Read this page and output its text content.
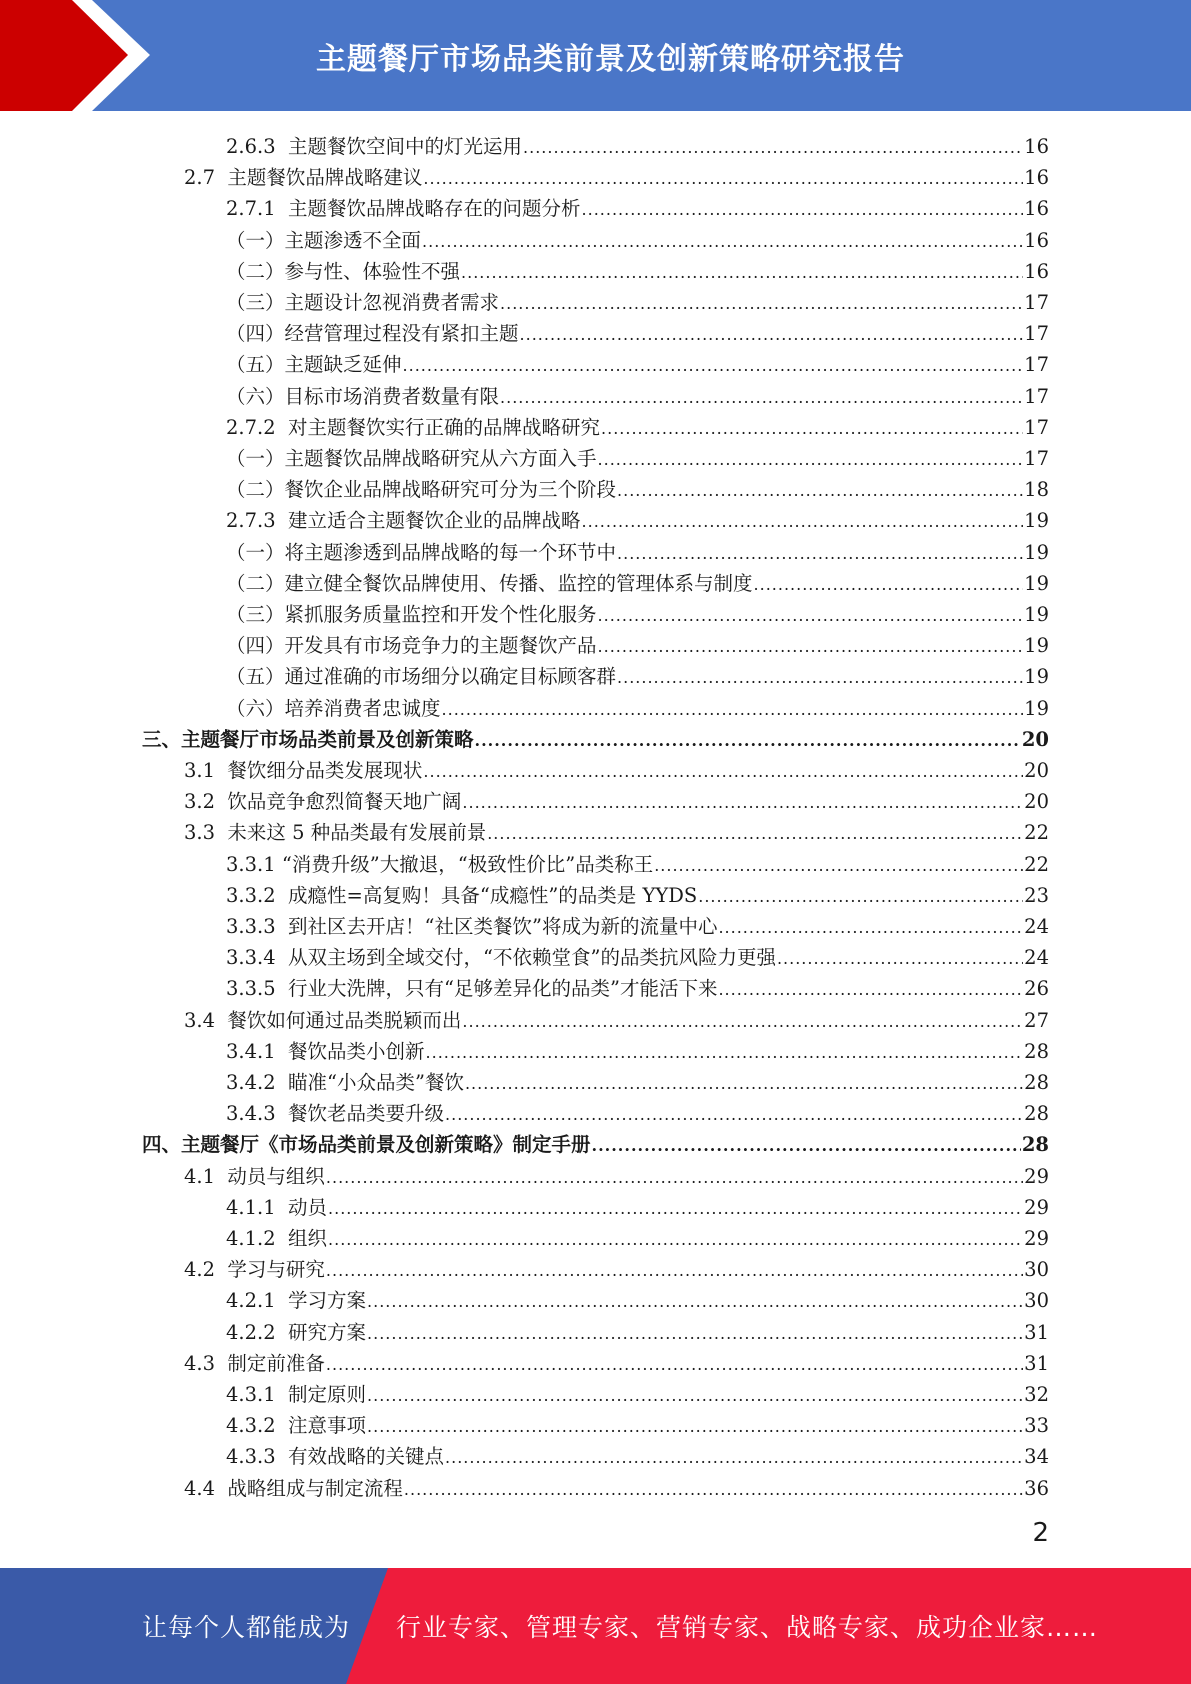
主题餐厅市场品类前景及创新策略研究报告
2.6.3  主题餐饮空间中的灯光运用 .....	16
2.7  主题餐饮品牌战略建议 .....	16
2.7.1  主题餐饮品牌战略存在的问题分析 .....	16
（一）主题渗透不全面 .....	16
（二）参与性、体验性不强 .....	16
（三）主题设计忽视消费者需求 .....	17
（四）经营管理过程没有紧扣主题 .....	17
（五）主题缺乏延伸 .....	17
（六）目标市场消费者数量有限 .....	17
2.7.2  对主题餐饮实行正确的品牌战略研究 .....	17
（一）主题餐饮品牌战略研究从六方面入手 .....	17
（二）餐饮企业品牌战略研究可分为三个阶段 .....	18
2.7.3  建立适合主题餐饮企业的品牌战略 .....	19
（一）将主题渗透到品牌战略的每一个环节中 .....	19
（二）建立健全餐饮品牌使用、传播、监控的管理体系与制度 .....	19
（三）紧抓服务质量监控和开发个性化服务 .....	19
（四）开发具有市场竞争力的主题餐饮产品 .....	19
（五）通过准确的市场细分以确定目标顾客群 .....	19
（六）培养消费者忠诚度 .....	19
三、主题餐厅市场品类前景及创新策略 .....	20
3.1  餐饮细分品类发展现状 .....	20
3.2  饮品竞争愈烈简餐天地广阔 .....	20
3.3  未来这 5 种品类最有发展前景 .....	22
3.3.1 “消费升级”大撤退，“极致性价比”品类称王 .....	22
3.3.2  成瘾性=高复购！具备“成瘾性”的品类是 YYDS .....	23
3.3.3  到社区去开店！“社区类餐饮”将成为新的流量中心 .....	24
3.3.4  从双主场到全域交付，“不依赖堂食”的品类抗风险力更强 .....	24
3.3.5  行业大洗牌，只有“足够差异化的品类”才能活下来 .....	26
3.4  餐饮如何通过品类脱颖而出 .....	27
3.4.1  餐饮品类小创新 .....	28
3.4.2  瞄准“小众品类”餐饮 .....	28
3.4.3  餐饮老品类要升级 .....	28
四、主题餐厅《市场品类前景及创新策略》制定手册 .....	28
4.1  动员与组织 .....	29
4.1.1  动员 .....	29
4.1.2  组织 .....	29
4.2  学习与研究 .....	30
4.2.1  学习方案 .....	30
4.2.2  研究方案 .....	31
4.3  制定前准备 .....	31
4.3.1  制定原则 .....	32
4.3.2  注意事项 .....	33
4.3.3  有效战略的关键点 .....	34
4.4  战略组成与制定流程 .....	36
2
让每个人都能成为 行业专家、管理专家、营销专家、战略专家、成功企业家……
